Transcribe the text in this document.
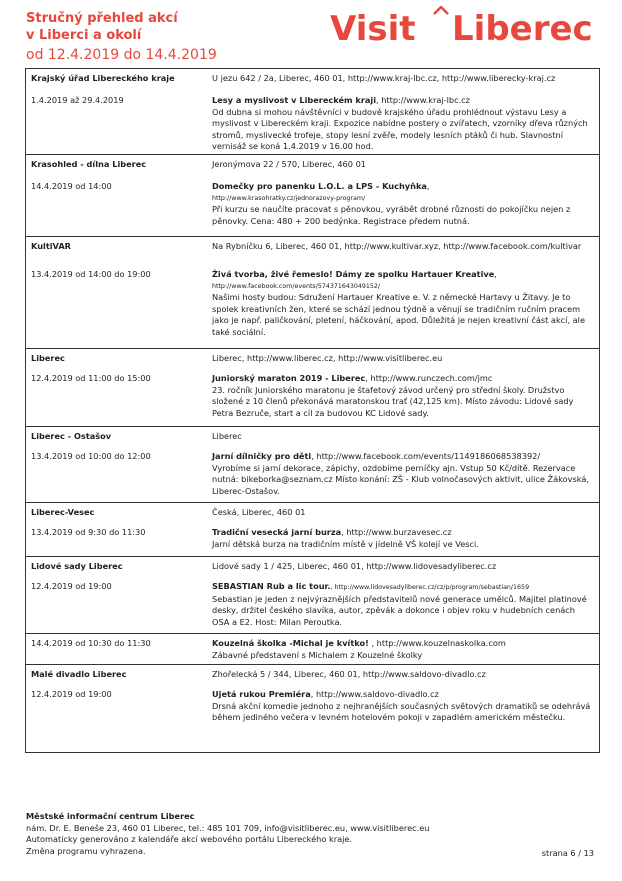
Stručný přehled akcí
v Liberci a okolí
od 12.4.2019 do 14.4.2019
Visit Liberec
Krajský úřad Libereckého kraje	U jezu 642 / 2a, Liberec, 460 01, http://www.kraj-lbc.cz, http://www.liberecky-kraj.cz
1.4.2019 až 29.4.2019	Lesy a myslivost v Libereckém kraji, http://www.kraj-lbc.cz
Od dubna si mohou návštěvníci v budově krajského úřadu prohlédnout výstavu Lesy a myslivost v Libereckém kraji. Expozice nabídne postery o zvířatech, vzorníky dřeva různých stromů, myslivecké trofeje, stopy lesní zvěře, modely lesních ptáků či hub. Slavnostní vernisáž se koná 1.4.2019 v 16.00 hod.
Krasohled - dílna Liberec	Jeronýmova 22 / 570, Liberec, 460 01
14.4.2019 od 14:00	Domečky pro panenku L.O.L. a LPS - Kuchyňka,
http://www.krasohratky.cz/jednorazovy-program/
Při kurzu se naučíte pracovat s pěnovkou, vyrábět drobné různosti do pokojíčku nejen z pěnovky. Cena: 480 + 200 bedýnka. Registrace předem nutná.
KultiVAR	Na Rybníčku 6, Liberec, 460 01, http://www.kultivar.xyz, http://www.facebook.com/kultivar
13.4.2019 od 14:00 do 19:00	Živá tvorba, živé řemeslo! Dámy ze spolku Hartauer Kreative,
http://www.facebook.com/events/574371643049152/
Našimi hosty budou: Sdružení Hartauer Kreative e. V. z německé Hartavy u Žitavy. Je to spolek kreativních žen, které se schází jednou týdně a věnují se tradičním ručním pracem jako je např. paličkování, pletení, háčkování, apod. Důležitá je nejen kreativní část akcí, ale také sociální.
Liberec	Liberec, http://www.liberec.cz, http://www.visitliberec.eu
12.4.2019 od 11:00 do 15:00	Juniorský maraton 2019 - Liberec, http://www.runczech.com/jmc
23. ročník Juniorského maratonu je štafetový závod určený pro střední školy. Družstvo složené z 10 členů překonává maratonskou trať (42,125 km). Místo závodu: Lidové sady Petra Bezruče, start a cíl za budovou KC Lidové sady.
Liberec - Ostašov	Liberec
13.4.2019 od 10:00 do 12:00	Jarní dílničky pro děti, http://www.facebook.com/events/1149186068538392/
Vyrobíme si jarní dekorace, zápichy, ozdobíme perníčky ajn. Vstup 50 Kč/dítě. Rezervace nutná: bikeborka@seznam.cz Místo konání: ZŠ - Klub volnočasových aktivit, ulice Žákovská, Liberec-Ostašov.
Liberec-Vesec	Česká, Liberec, 460 01
13.4.2019 od 9:30 do 11:30	Tradiční vesecká jarní burza, http://www.burzavesec.cz
Jarní dětská burza na tradičním místě v jídelně VŠ kolejí ve Vesci.
Lidové sady Liberec	Lidové sady 1 / 425, Liberec, 460 01, http://www.lidovesadyliberec.cz
12.4.2019 od 19:00	SEBASTIAN Rub a lic tour., http://www.lidovesadyliberec.cz/cz/p/program/sebastian/1659
Sebastian je jeden z nejvýraznějších představitelů nové generace umělců. Majitel platinové desky, držitel českého slavíka, autor, zpěvák a dokonce i objev roku v hudebních cenách OSA a E2. Host: Milan Peroutka.
14.4.2019 od 10:30 do 11:30	Kouzelná školka -Michal je kvítko! , http://www.kouzelnaskolka.com
Zábavné představení s Michalem z Kouzelné školky
Malé divadlo Liberec	Zhořelecká 5 / 344, Liberec, 460 01, http://www.saldovo-divadlo.cz
12.4.2019 od 19:00	Ujetá rukou Premiéra, http://www.saldovo-divadlo.cz
Drsná akční komedie jednoho z nejhranějších současných světových dramatiků se odehrává během jediného večera v levném hotelovém pokoji v zapadlém americkém městečku.
Městské informační centrum Liberec
nám. Dr. E. Beneše 23, 460 01 Liberec, tel.: 485 101 709, info@visitliberec.eu, www.visitliberec.eu
Automaticky generováno z kalendáře akcí webového portálu Libereckého kraje.
Změna programu vyhrazena.	strana 6 / 13
